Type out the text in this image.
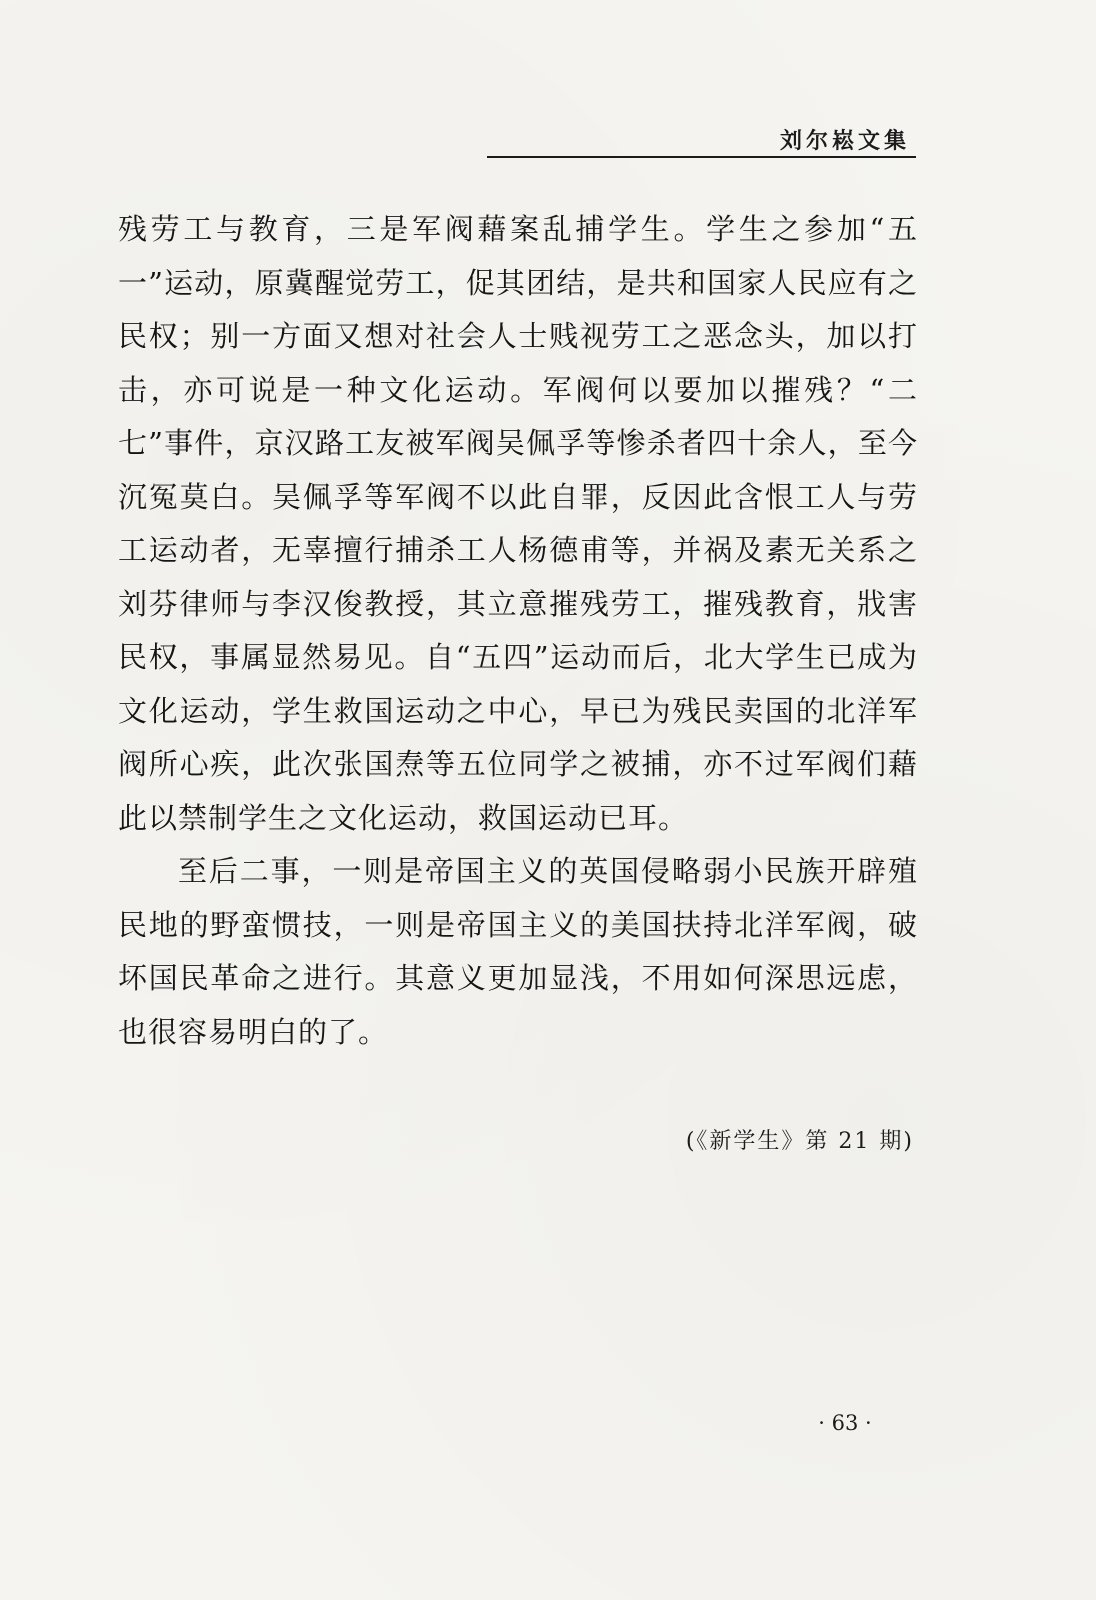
刘尔崧文集

残劳工与教育，三是军阀藉案乱捕学生。学生之参加“五一”运动，原冀醒觉劳工，促其团结，是共和国家人民应有之民权；别一方面又想对社会人士贱视劳工之恶念头，加以打击，亦可说是一种文化运动。军阀何以要加以摧残？“二七”事件，京汉路工友被军阀吴佩孚等惨杀者四十余人，至今沉冤莫白。吴佩孚等军阀不以此自罪，反因此含恨工人与劳工运动者，无辜擅行捕杀工人杨德甫等，并祸及素无关系之刘芬律师与李汉俊教授，其立意摧残劳工，摧残教育，戕害民权，事属显然易见。自“五四”运动而后，北大学生已成为文化运动，学生救国运动之中心，早已为残民卖国的北洋军阀所心疾，此次张国焘等五位同学之被捕，亦不过军阀们藉此以禁制学生之文化运动，救国运动已耳。

至后二事，一则是帝国主义的英国侵略弱小民族开辟殖民地的野蛮惯技，一则是帝国主义的美国扶持北洋军阀，破坏国民革命之进行。其意义更加显浅，不用如何深思远虑，也很容易明白的了。

(《新学生》第 21 期)
· 63 ·
